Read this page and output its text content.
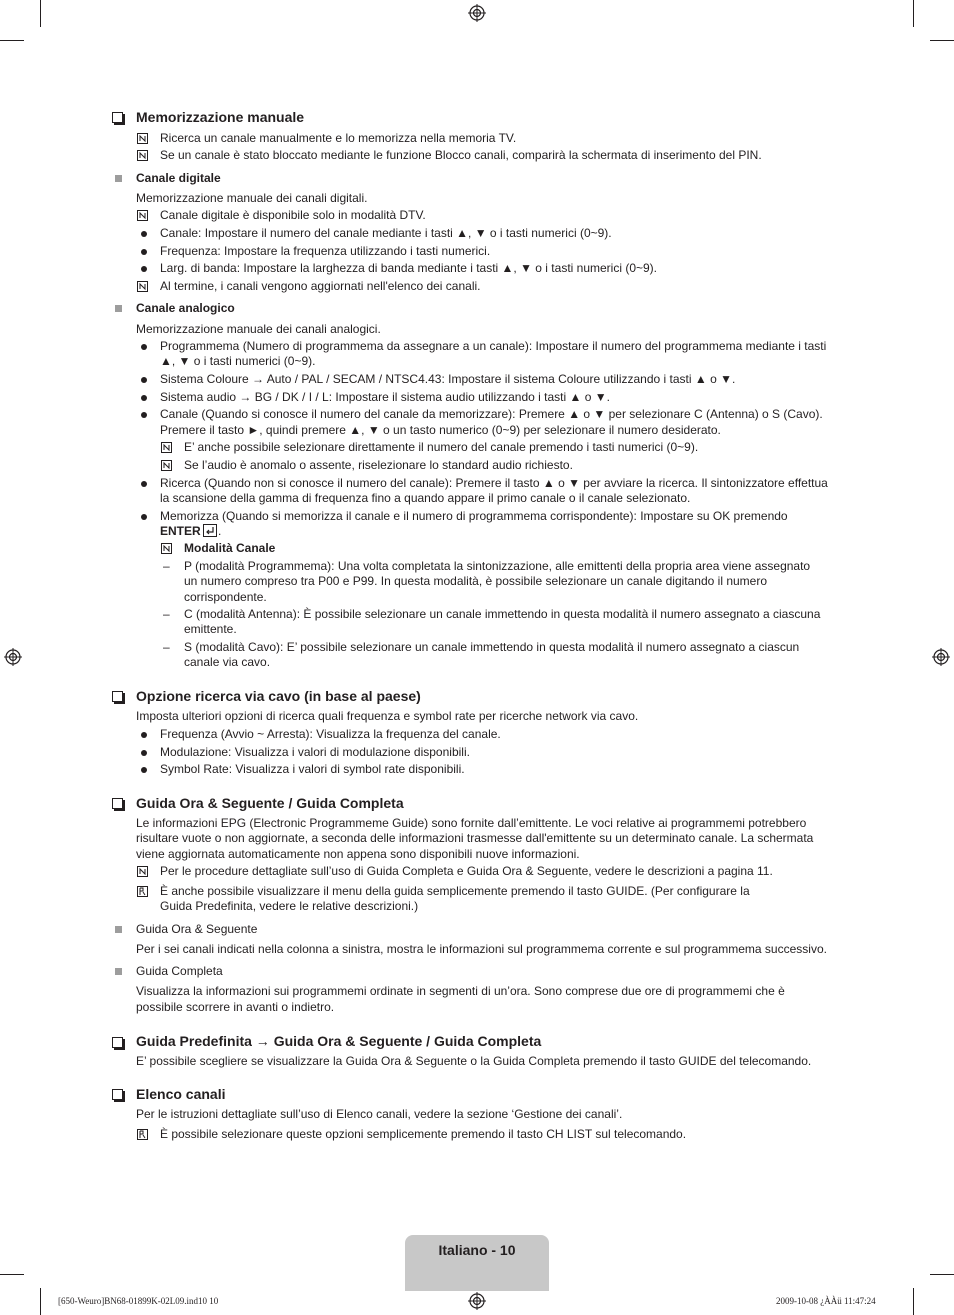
Memorizzazione manuale
Ricerca un canale manualmente e lo memorizza nella memoria TV.
Se un canale è stato bloccato mediante le funzione Blocco canali, comparirà la schermata di inserimento del PIN.
Canale digitale
Memorizzazione manuale dei canali digitali.
Canale digitale è disponibile solo in modalità DTV.
Canale: Impostare il numero del canale mediante i tasti ▲, ▼ o i tasti numerici (0~9).
Frequenza: Impostare la frequenza utilizzando i tasti numerici.
Larg. di banda: Impostare la larghezza di banda mediante i tasti ▲, ▼ o i tasti numerici (0~9).
Al termine, i canali vengono aggiornati nell'elenco dei canali.
Canale analogico
Memorizzazione manuale dei canali analogici.
Programmema (Numero di programmema da assegnare a un canale): Impostare il numero del programmema mediante i tasti
▲, ▼ o i tasti numerici (0~9).
Sistema Coloure → Auto / PAL / SECAM / NTSC4.43: Impostare il sistema Coloure utilizzando i tasti ▲ o ▼.
Sistema audio → BG / DK / I / L: Impostare il sistema audio utilizzando i tasti ▲ o ▼.
Canale (Quando si conosce il numero del canale da memorizzare): Premere ▲ o ▼ per selezionare C (Antenna) o S (Cavo).
Premere il tasto ►, quindi premere ▲, ▼ o un tasto numerico (0~9) per selezionare il numero desiderato.
E’ anche possibile selezionare direttamente il numero del canale premendo i tasti numerici (0~9).
Se l’audio è anomalo o assente, riselezionare lo standard audio richiesto.
Ricerca (Quando non si conosce il numero del canale): Premere il tasto ▲ o ▼ per avviare la ricerca. Il sintonizzatore effettua
la scansione della gamma di frequenza fino a quando appare il primo canale o il canale selezionato.
Memorizza (Quando si memorizza il canale e il numero di programmema corrispondente): Impostare su OK premendo
ENTER .
Modalità Canale
– P (modalità Programmema): Una volta completata la sintonizzazione, alle emittenti della propria area viene assegnato
un numero compreso tra P00 e P99. In questa modalità, è possibile selezionare un canale digitando il numero
corrispondente.
– C (modalità Antenna): È possibile selezionare un canale immettendo in questa modalità il numero assegnato a ciascuna
emittente.
– S (modalità Cavo): E’ possibile selezionare un canale immettendo in questa modalità il numero assegnato a ciascun
canale via cavo.
Opzione ricerca via cavo (in base al paese)
Imposta ulteriori opzioni di ricerca quali frequenza e symbol rate per ricerche network via cavo.
Frequenza (Avvio ~ Arresta): Visualizza la frequenza del canale.
Modulazione: Visualizza i valori di modulazione disponibili.
Symbol Rate: Visualizza i valori di symbol rate disponibili.
Guida Ora & Seguente / Guida Completa
Le informazioni EPG (Electronic Programmeme Guide) sono fornite dall’emittente. Le voci relative ai programmemi potrebbero
risultare vuote o non aggiornate, a seconda delle informazioni trasmesse dall'emittente su un determinato canale. La schermata
viene aggiornata automaticamente non appena sono disponibili nuove informazioni.
Per le procedure dettagliate sull’uso di Guida Completa e Guida Ora & Seguente, vedere le descrizioni a pagina 11.
È anche possibile visualizzare il menu della guida semplicemente premendo il tasto GUIDE. (Per configurare la
Guida Predefinita, vedere le relative descrizioni.)
Guida Ora & Seguente
Per i sei canali indicati nella colonna a sinistra, mostra le informazioni sul programmema corrente e sul programmema successivo.
Guida Completa
Visualizza la informazioni sui programmemi ordinate in segmenti di un’ora. Sono comprese due ore di programmemi che è
possibile scorrere in avanti o indietro.
Guida Predefinita → Guida Ora & Seguente / Guida Completa
E’ possibile scegliere se visualizzare la Guida Ora & Seguente o la Guida Completa premendo il tasto GUIDE del telecomando.
Elenco canali
Per le istruzioni dettagliate sull’uso di Elenco canali, vedere la sezione ‘Gestione dei canali’.
È possibile selezionare queste opzioni semplicemente premendo il tasto CH LIST sul telecomando.
Italiano - 10
[650-Weuro]BN68-01899K-02L09.ind10 10	2009-10-08 ¿ÀÀü 11:47:24
